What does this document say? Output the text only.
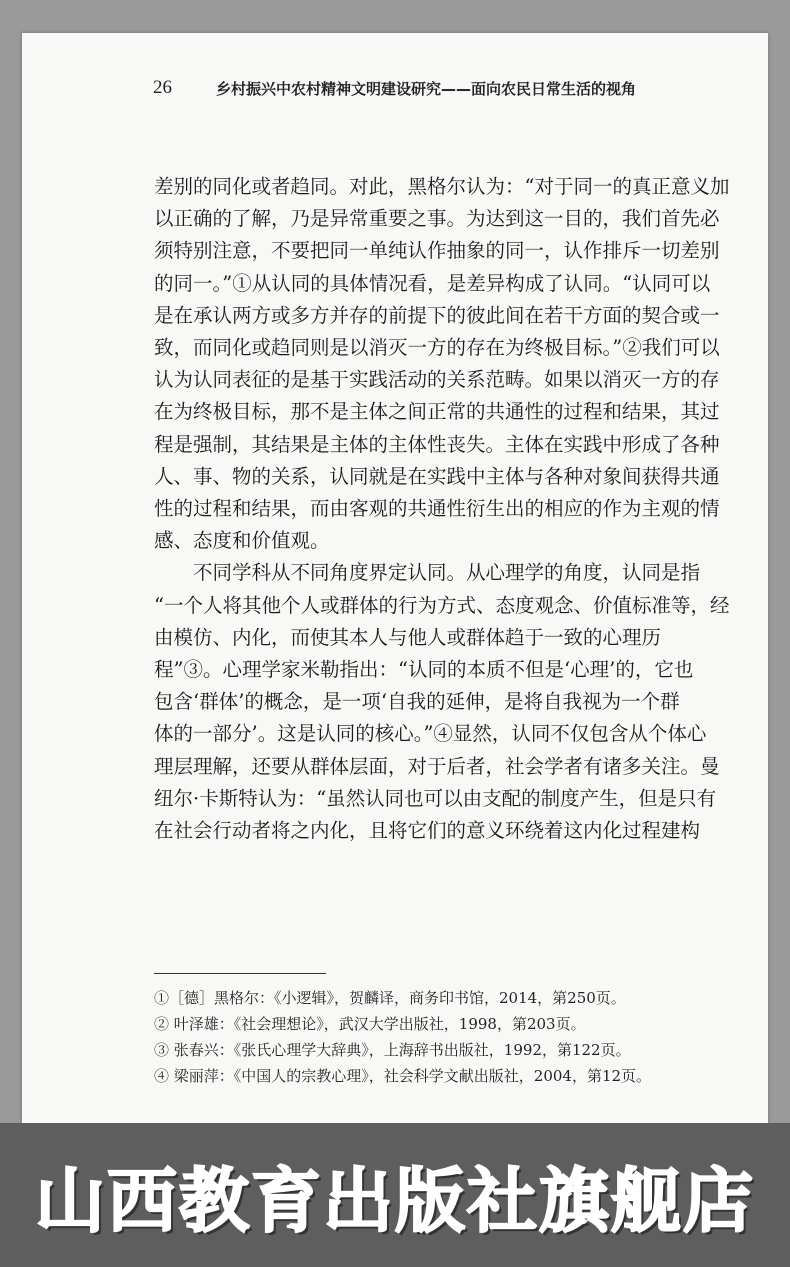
26	乡村振兴中农村精神文明建设研究——面向农民日常生活的视角
差别的同化或者趋同。对此，黑格尔认为：“对于同一的真正意义加
以正确的了解，乃是异常重要之事。为达到这一目的，我们首先必
须特别注意，不要把同一单纯认作抽象的同一，认作排斥一切差别
的同一。”①从认同的具体情况看，是差异构成了认同。“认同可以
是在承认两方或多方并存的前提下的彼此间在若干方面的契合或一
致，而同化或趋同则是以消灭一方的存在为终极目标。”②我们可以
认为认同表征的是基于实践活动的关系范畴。如果以消灭一方的存
在为终极目标，那不是主体之间正常的共通性的过程和结果，其过
程是强制，其结果是主体的主体性丧失。主体在实践中形成了各种
人、事、物的关系，认同就是在实践中主体与各种对象间获得共通
性的过程和结果，而由客观的共通性衍生出的相应的作为主观的情
感、态度和价值观。
　　不同学科从不同角度界定认同。从心理学的角度，认同是指
“一个人将其他个人或群体的行为方式、态度观念、价值标准等，经
由模仿、内化，而使其本人与他人或群体趋于一致的心理历
程”③。心理学家米勒指出：“认同的本质不但是‘心理’的，它也
包含‘群体’的概念，是一项‘自我的延伸，是将自我视为一个群
体的一部分’。这是认同的核心。”④显然，认同不仅包含从个体心
理层理解，还要从群体层面，对于后者，社会学者有诸多关注。曼
纽尔·卡斯特认为：“虽然认同也可以由支配的制度产生，但是只有
在社会行动者将之内化，且将它们的意义环绕着这内化过程建构
①［德］黑格尔：《小逻辑》，贺麟译，商务印书馆，2014，第250页。
② 叶泽雄：《社会理想论》，武汉大学出版社，1998，第203页。
③ 张春兴：《张氏心理学大辞典》，上海辞书出版社，1992，第122页。
④ 梁丽萍：《中国人的宗教心理》，社会科学文献出版社，2004，第12页。
山西教育出版社旗舰店
